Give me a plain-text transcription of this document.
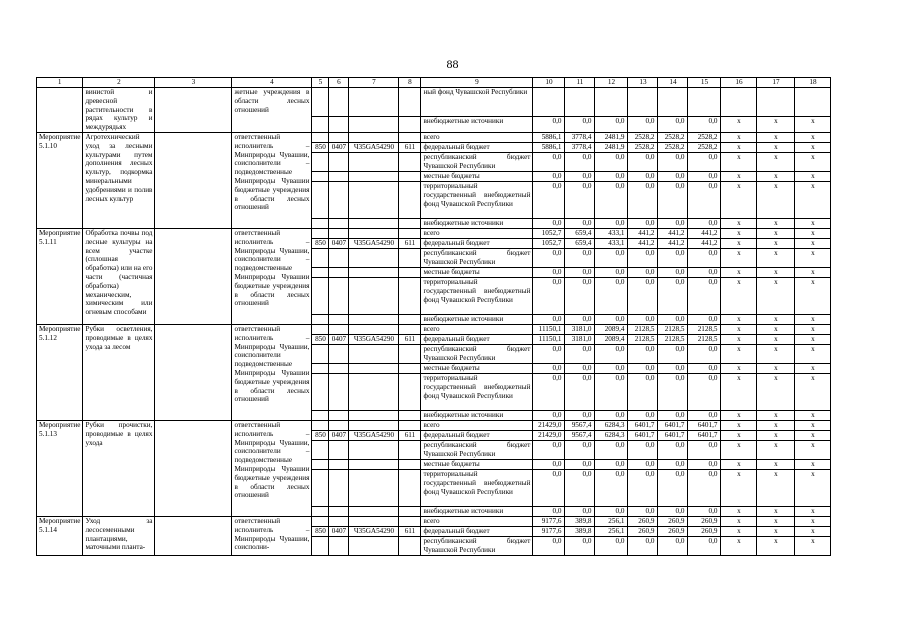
88
1	2	3	4	5	6	7	8	9	10	11	12	13	14	15	16	17	18
	винистой и древесной растительности в рядах культур и междурядьях		жетные учреждения в области лесных отношений					ный фонд Чувашской Республики									
								внебюджетные источники	0,0	0,0	0,0	0,0	0,0	0,0	x	x	x
Мероприятие 5.1.10	Агротехнический уход за лесными культурами путем дополнения лесных культур, подкормка минеральными удобрениями и полив лесных культур		ответственный исполнитель – Минприроды Чувашии, соисполнители – подведомственные Минприроды Чувашии бюджетные учреждения в области лесных отношений					всего	5886,1	3778,4	2481,9	2528,2	2528,2	2528,2	x	x	x
				850	0407	Ч35GA54290	611	федеральный бюджет	5886,1	3778,4	2481,9	2528,2	2528,2	2528,2	x	x	x
								республиканский бюджет Чувашской Республики	0,0	0,0	0,0	0,0	0,0	0,0	x	x	x
								местные бюджеты	0,0	0,0	0,0	0,0	0,0	0,0	x	x	x
								территориальный государственный внебюджетный фонд Чувашской Республики	0,0	0,0	0,0	0,0	0,0	0,0	x	x	x
								внебюджетные источники	0,0	0,0	0,0	0,0	0,0	0,0	x	x	x
Мероприятие 5.1.11	Обработка почвы под лесные культуры на всем участке (сплошная обработка) или на его части (частичная обработка) механическим, химическим или огневым способами		ответственный исполнитель – Минприроды Чувашии, соисполнители – подведомственные Минприроды Чувашии бюджетные учреждения в области лесных отношений					всего	1052,7	659,4	433,1	441,2	441,2	441,2	x	x	x
				850	0407	Ч35GA54290	611	федеральный бюджет	1052,7	659,4	433,1	441,2	441,2	441,2	x	x	x
								республиканский бюджет Чувашской Республики	0,0	0,0	0,0	0,0	0,0	0,0	x	x	x
								местные бюджеты	0,0	0,0	0,0	0,0	0,0	0,0	x	x	x
								территориальный государственный внебюджетный фонд Чувашской Республики	0,0	0,0	0,0	0,0	0,0	0,0	x	x	x
								внебюджетные источники	0,0	0,0	0,0	0,0	0,0	0,0	x	x	x
Мероприятие 5.1.12	Рубки осветления, проводимые в целях ухода за лесом		ответственный исполнитель – Минприроды Чувашии, соисполнители подведомственные Минприроды Чувашии бюджетные учреждения в области лесных отношений					всего	11150,1	3181,0	2089,4	2128,5	2128,5	2128,5	x	x	x
				850	0407	Ч35GA54290	611	федеральный бюджет	11150,1	3181,0	2089,4	2128,5	2128,5	2128,5	x	x	x
								республиканский бюджет Чувашской Республики	0,0	0,0	0,0	0,0	0,0	0,0	x	x	x
								местные бюджеты	0,0	0,0	0,0	0,0	0,0	0,0	x	x	x
								территориальный государственный внебюджетный фонд Чувашской Республики	0,0	0,0	0,0	0,0	0,0	0,0	x	x	x
								внебюджетные источники	0,0	0,0	0,0	0,0	0,0	0,0	x	x	x
Мероприятие 5.1.13	Рубки прочистки, проводимые в целях ухода		ответственный исполнитель – Минприроды Чувашии, соисполнители – подведомственные Минприроды Чувашии бюджетные учреждения в области лесных отношений					всего	21429,0	9567,4	6284,3	6401,7	6401,7	6401,7	x	x	x
				850	0407	Ч35GA54290	611	федеральный бюджет	21429,0	9567,4	6284,3	6401,7	6401,7	6401,7	x	x	x
								республиканский бюджет Чувашской Республики	0,0	0,0	0,0	0,0	0,0	0,0	x	x	x
								местные бюджеты	0,0	0,0	0,0	0,0	0,0	0,0	x	x	x
								территориальный государственный внебюджетный фонд Чувашской Республики	0,0	0,0	0,0	0,0	0,0	0,0	x	x	x
								внебюджетные источники	0,0	0,0	0,0	0,0	0,0	0,0	x	x	x
Мероприятие 5.1.14	Уход за лесосеменными плантациями, маточными планта-		ответственный исполнитель – Минприроды Чувашии, соисполни-					всего	9177,6	389,8	256,1	260,9	260,9	260,9	x	x	x
				850	0407	Ч35GA54290	611	федеральный бюджет	9177,6	389,8	256,1	260,9	260,9	260,9	x	x	x
								республиканский бюджет Чувашской Республики	0,0	0,0	0,0	0,0	0,0	0,0	x	x	x
